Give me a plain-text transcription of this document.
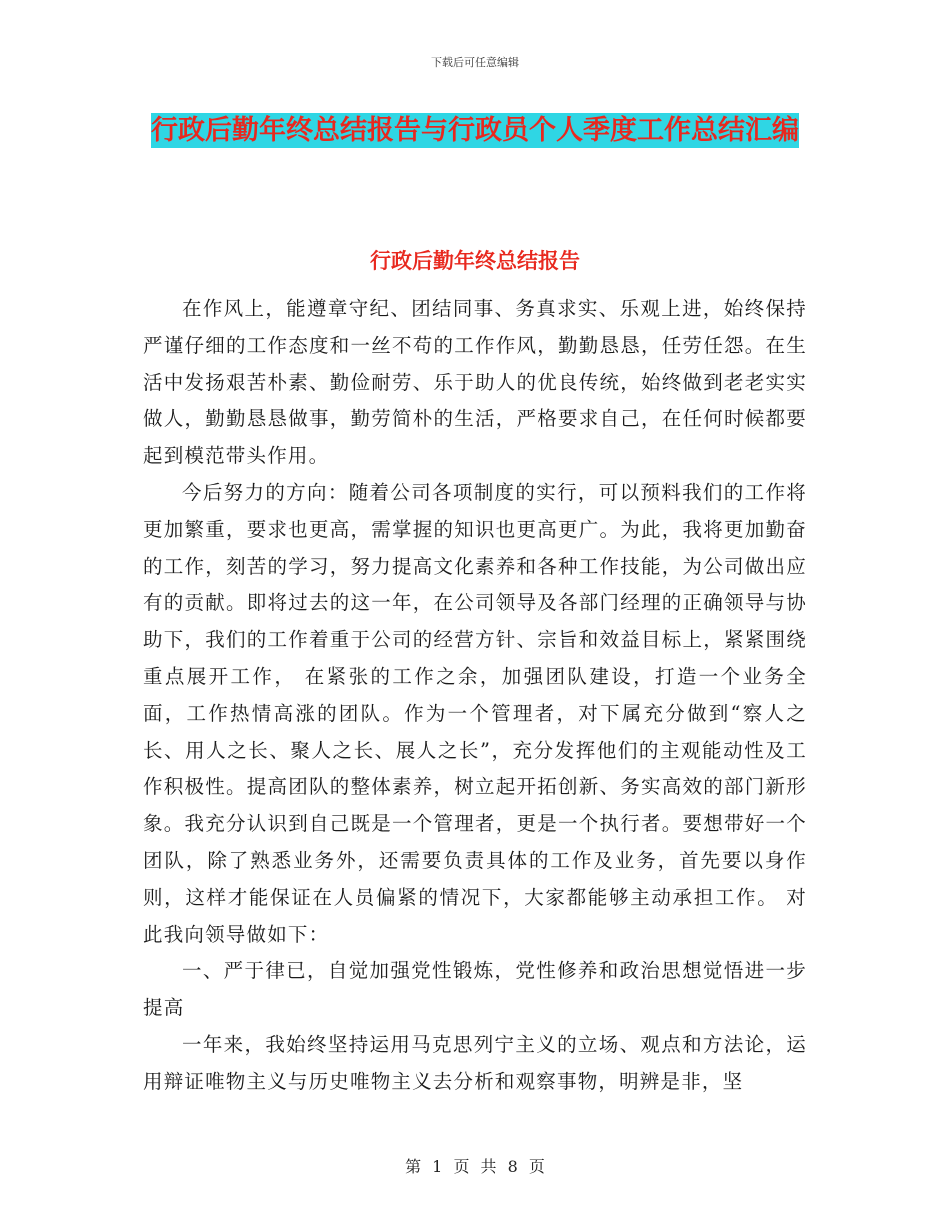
下载后可任意编辑
行政后勤年终总结报告与行政员个人季度工作总结汇编
行政后勤年终总结报告

在作风上，能遵章守纪、团结同事、务真求实、乐观上进，始终保持严谨仔细的工作态度和一丝不苟的工作作风，勤勤恳恳，任劳任怨。在生活中发扬艰苦朴素、勤俭耐劳、乐于助人的优良传统，始终做到老老实实做人，勤勤恳恳做事，勤劳简朴的生活，严格要求自己，在任何时候都要起到模范带头作用。

今后努力的方向：随着公司各项制度的实行，可以预料我们的工作将更加繁重，要求也更高，需掌握的知识也更高更广。为此，我将更加勤奋的工作，刻苦的学习，努力提高文化素养和各种工作技能，为公司做出应有的贡献。即将过去的这一年，在公司领导及各部门经理的正确领导与协助下，我们的工作着重于公司的经营方针、宗旨和效益目标上，紧紧围绕重点展开工作， 在紧张的工作之余，加强团队建设，打造一个业务全面，工作热情高涨的团队。作为一个管理者，对下属充分做到“察人之长、用人之长、聚人之长、展人之长”，充分发挥他们的主观能动性及工作积极性。提高团队的整体素养，树立起开拓创新、务实高效的部门新形象。我充分认识到自己既是一个管理者，更是一个执行者。要想带好一个团队，除了熟悉业务外，还需要负责具体的工作及业务，首先要以身作则，这样才能保证在人员偏紧的情况下，大家都能够主动承担工作。 对此我向领导做如下：

一、严于律已，自觉加强党性锻炼，党性修养和政治思想觉悟进一步提高

一年来，我始终坚持运用马克思列宁主义的立场、观点和方法论，运用辩证唯物主义与历史唯物主义去分析和观察事物，明辨是非，坚

第 1 页 共 8 页
